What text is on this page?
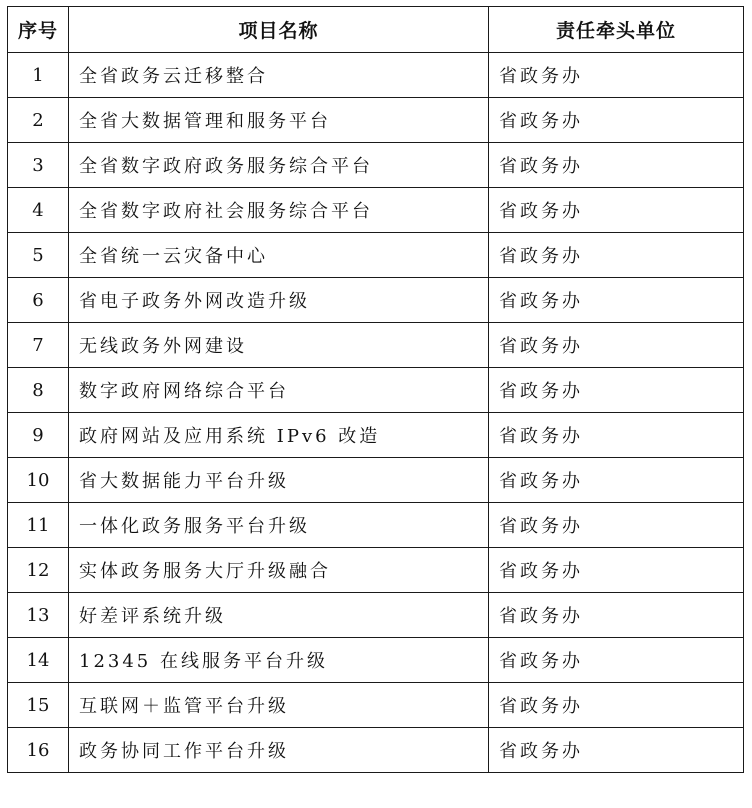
序号	项目名称	责任牵头单位
1	全省政务云迁移整合	省政务办
2	全省大数据管理和服务平台	省政务办
3	全省数字政府政务服务综合平台	省政务办
4	全省数字政府社会服务综合平台	省政务办
5	全省统一云灾备中心	省政务办
6	省电子政务外网改造升级	省政务办
7	无线政务外网建设	省政务办
8	数字政府网络综合平台	省政务办
9	政府网站及应用系统 IPv6 改造	省政务办
10	省大数据能力平台升级	省政务办
11	一体化政务服务平台升级	省政务办
12	实体政务服务大厅升级融合	省政务办
13	好差评系统升级	省政务办
14	12345 在线服务平台升级	省政务办
15	互联网＋监管平台升级	省政务办
16	政务协同工作平台升级	省政务办
